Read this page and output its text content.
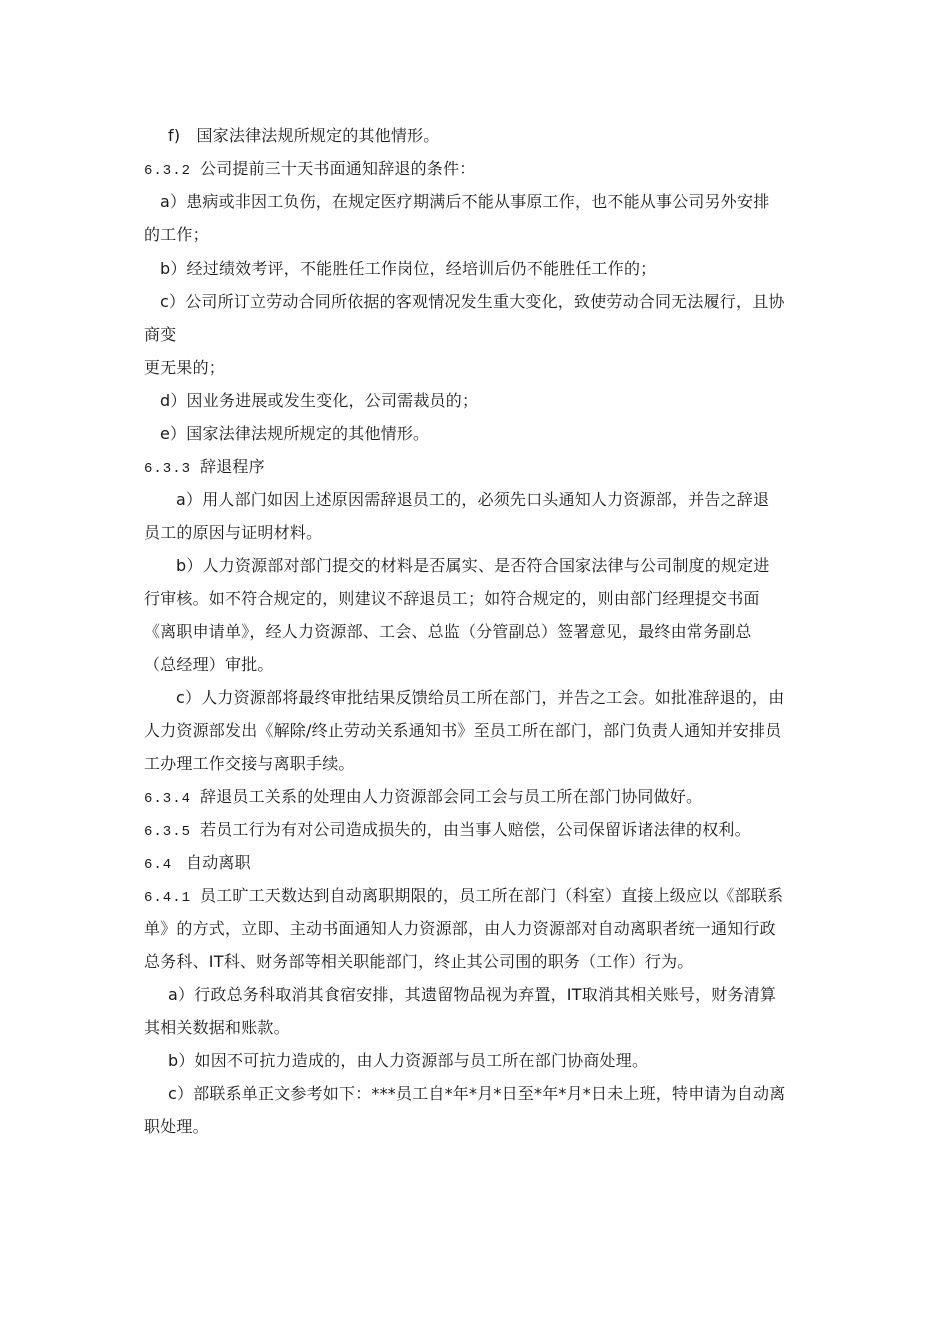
f)　国家法律法规所规定的其他情形。
6.3.2 公司提前三十天书面通知辞退的条件：
a）患病或非因工负伤，在规定医疗期满后不能从事原工作，也不能从事公司另外安排
的工作；
b）经过绩效考评，不能胜任工作岗位，经培训后仍不能胜任工作的；
c）公司所订立劳动合同所依据的客观情况发生重大变化，致使劳动合同无法履行，且协
商变
更无果的；
d）因业务进展或发生变化，公司需裁员的；
e）国家法律法规所规定的其他情形。
6.3.3 辞退程序
a）用人部门如因上述原因需辞退员工的，必须先口头通知人力资源部，并告之辞退
员工的原因与证明材料。
b）人力资源部对部门提交的材料是否属实、是否符合国家法律与公司制度的规定进
行审核。如不符合规定的，则建议不辞退员工；如符合规定的，则由部门经理提交书面
《离职申请单》，经人力资源部、工会、总监（分管副总）签署意见，最终由常务副总
（总经理）审批。
c）人力资源部将最终审批结果反馈给员工所在部门，并告之工会。如批准辞退的，由
人力资源部发出《解除/终止劳动关系通知书》至员工所在部门，部门负责人通知并安排员
工办理工作交接与离职手续。
6.3.4 辞退员工关系的处理由人力资源部会同工会与员工所在部门协同做好。
6.3.5 若员工行为有对公司造成损失的，由当事人赔偿，公司保留诉诸法律的权利。
6.4 自动离职
6.4.1 员工旷工天数达到自动离职期限的，员工所在部门（科室）直接上级应以《部联系
单》的方式，立即、主动书面通知人力资源部，由人力资源部对自动离职者统一通知行政
总务科、IT科、财务部等相关职能部门，终止其公司围的职务（工作）行为。
a）行政总务科取消其食宿安排，其遗留物品视为弃置，IT取消其相关账号，财务清算
其相关数据和账款。
b）如因不可抗力造成的，由人力资源部与员工所在部门协商处理。
c）部联系单正文参考如下：***员工自*年*月*日至*年*月*日未上班，特申请为自动离
职处理。
